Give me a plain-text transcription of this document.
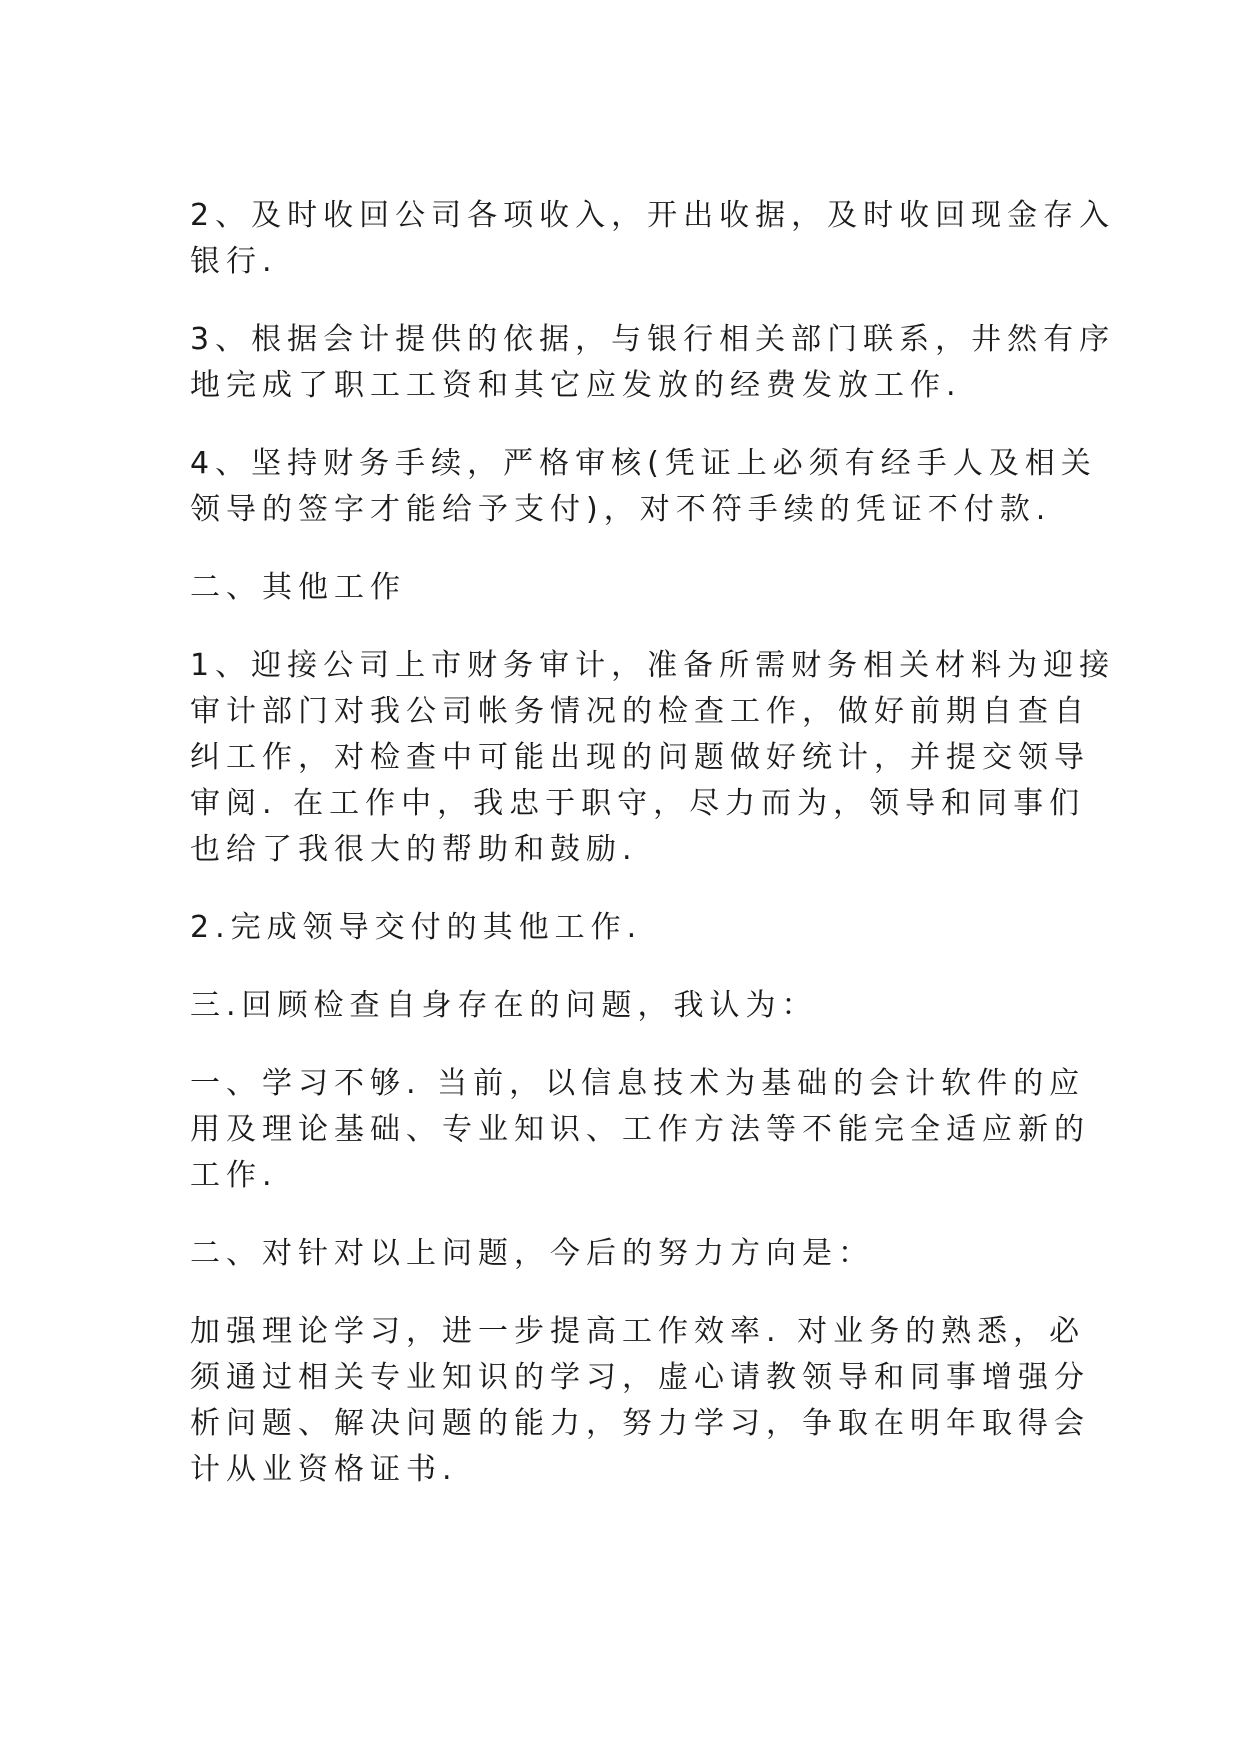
2、及时收回公司各项收入，开出收据，及时收回现金存入
银行.

3、根据会计提供的依据，与银行相关部门联系，井然有序
地完成了职工工资和其它应发放的经费发放工作.

4、坚持财务手续，严格审核(凭证上必须有经手人及相关
领导的签字才能给予支付)，对不符手续的凭证不付款.

二、其他工作

1、迎接公司上市财务审计，准备所需财务相关材料为迎接
审计部门对我公司帐务情况的检查工作，做好前期自查自
纠工作，对检查中可能出现的问题做好统计，并提交领导
审阅. 在工作中，我忠于职守，尽力而为，领导和同事们
也给了我很大的帮助和鼓励.

2.完成领导交付的其他工作.

三.回顾检查自身存在的问题，我认为：

一、学习不够. 当前，以信息技术为基础的会计软件的应
用及理论基础、专业知识、工作方法等不能完全适应新的
工作.

二、对针对以上问题，今后的努力方向是：

加强理论学习，进一步提高工作效率. 对业务的熟悉，必
须通过相关专业知识的学习，虚心请教领导和同事增强分
析问题、解决问题的能力，努力学习，争取在明年取得会
计从业资格证书.
